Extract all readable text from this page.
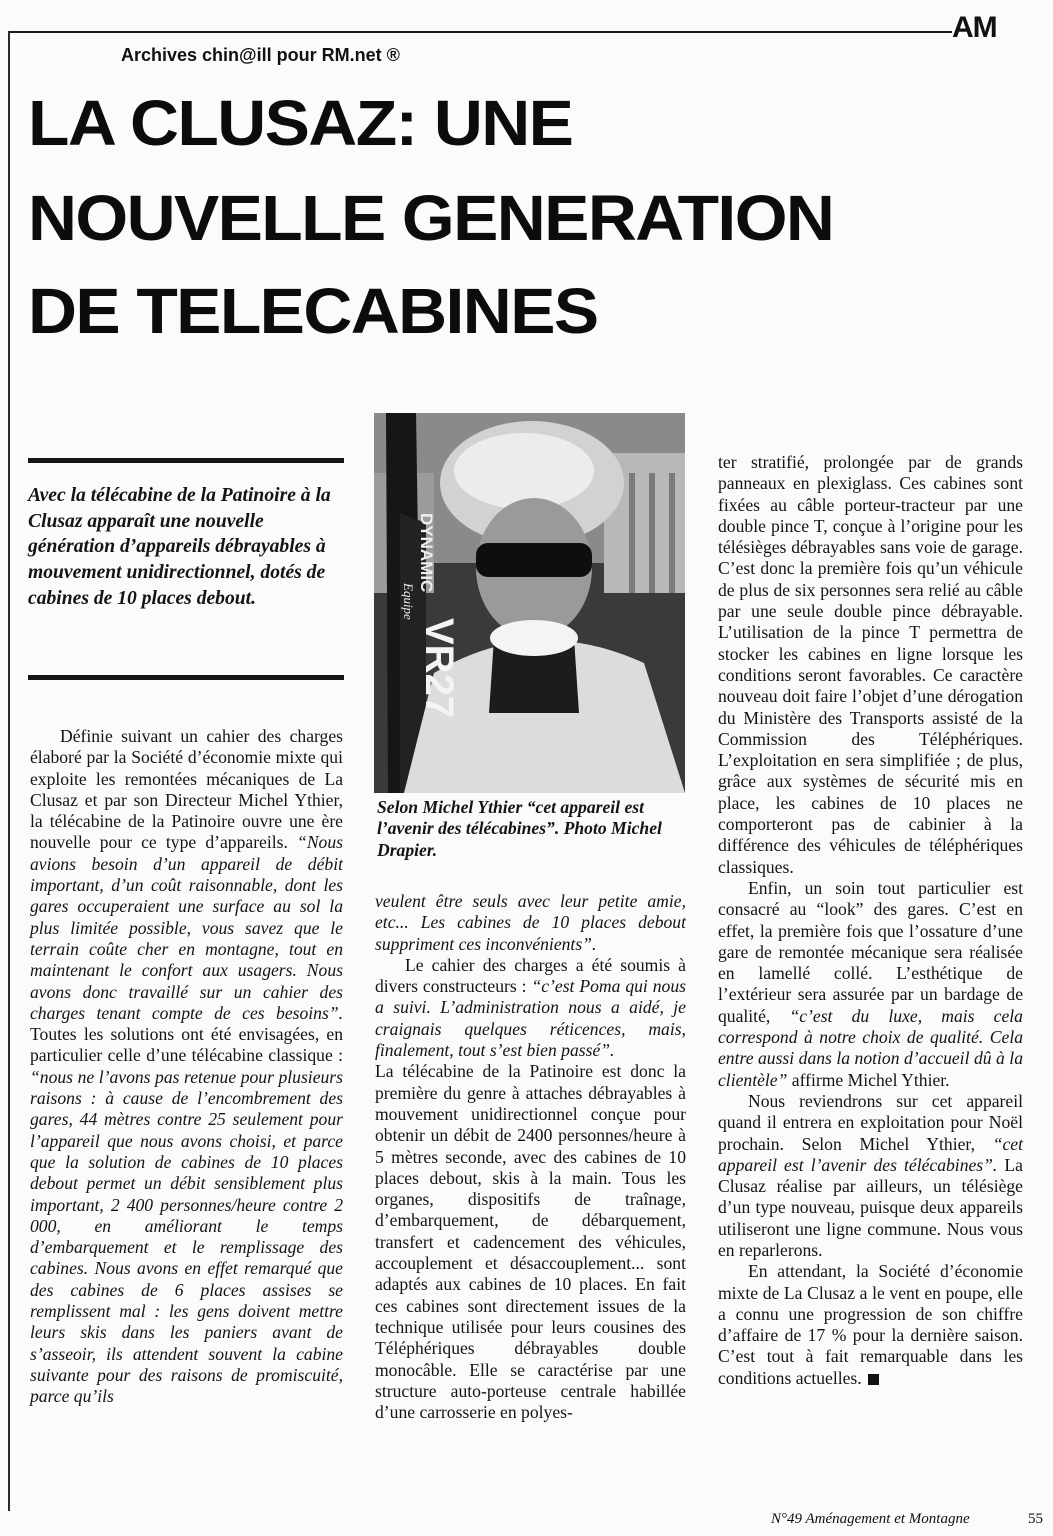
AM
Archives chin@ill pour RM.net ®
LA CLUSAZ: UNE
NOUVELLE GENERATION
DE TELECABINES

Avec la télécabine de la Patinoire à la Clusaz apparaît une nouvelle génération d’appareils débrayables à mouvement unidirectionnel, dotés de cabines de 10 places debout.

Définie suivant un cahier des charges élaboré par la Société d’économie mixte qui exploite les remontées mécaniques de La Clusaz et par son Directeur Michel Ythier, la télécabine de la Patinoire ouvre une ère nouvelle pour ce type d’appareils. “Nous avions besoin d’un appareil de débit important, d’un coût raisonnable, dont les gares occuperaient une surface au sol la plus limitée possible, vous savez que le terrain coûte cher en montagne, tout en maintenant le confort aux usagers. Nous avons donc travaillé sur un cahier des charges tenant compte de ces besoins”. Toutes les solutions ont été envisagées, en particulier celle d’une télécabine classique : “nous ne l’avons pas retenue pour plusieurs raisons : à cause de l’encombrement des gares, 44 mètres contre 25 seulement pour l’appareil que nous avons choisi, et parce que la solution de cabines de 10 places debout permet un débit sensiblement plus important, 2 400 personnes/heure contre 2 000, en améliorant le temps d’embarquement et le remplissage des cabines. Nous avons en effet remarqué que des cabines de 6 places assises se remplissent mal : les gens doivent mettre leurs skis dans les paniers avant de s’asseoir, ils attendent souvent la cabine suivante pour des raisons de promiscuité, parce qu’ils

DYNAMIC
Equipe
VR27

Selon Michel Ythier “cet appareil est l’avenir des télécabines”. Photo Michel Drapier.

veulent être seuls avec leur petite amie, etc... Les cabines de 10 places debout suppriment ces inconvénients”.

Le cahier des charges a été soumis à divers constructeurs : “c’est Poma qui nous a suivi. L’administration nous a aidé, je craignais quelques réticences, mais, finalement, tout s’est bien passé”.

La télécabine de la Patinoire est donc la première du genre à attaches débrayables à mouvement unidirectionnel conçue pour obtenir un débit de 2400 personnes/heure à 5 mètres seconde, avec des cabines de 10 places debout, skis à la main. Tous les organes, dispositifs de traînage, d’embarquement, de débarquement, transfert et cadencement des véhicules, accouplement et désaccouplement... sont adaptés aux cabines de 10 places. En fait ces cabines sont directement issues de la technique utilisée pour leurs cousines des Téléphériques débrayables double monocâble. Elle se caractérise par une structure auto-porteuse centrale habillée d’une carrosserie en polyes-

ter stratifié, prolongée par de grands panneaux en plexiglass. Ces cabines sont fixées au câble porteur-tracteur par une double pince T, conçue à l’origine pour les télésièges débrayables sans voie de garage. C’est donc la première fois qu’un véhicule de plus de six personnes sera relié au câble par une seule double pince débrayable. L’utilisation de la pince T permettra de stocker les cabines en ligne lorsque les conditions seront favorables. Ce caractère nouveau doit faire l’objet d’une dérogation du Ministère des Transports assisté de la Commission des Téléphériques. L’exploitation en sera simplifiée ; de plus, grâce aux systèmes de sécurité mis en place, les cabines de 10 places ne comporteront pas de cabinier à la différence des véhicules de téléphériques classiques.

Enfin, un soin tout particulier est consacré au “look” des gares. C’est en effet, la première fois que l’ossature d’une gare de remontée mécanique sera réalisée en lamellé collé. L’esthétique de l’extérieur sera assurée par un bardage de qualité, “c’est du luxe, mais cela correspond à notre choix de qualité. Cela entre aussi dans la notion d’accueil dû à la clientèle” affirme Michel Ythier.

Nous reviendrons sur cet appareil quand il entrera en exploitation pour Noël prochain. Selon Michel Ythier, “cet appareil est l’avenir des télécabines”. La Clusaz réalise par ailleurs, un télésiège d’un type nouveau, puisque deux appareils utiliseront une ligne commune. Nous vous en reparlerons.

En attendant, la Société d’économie mixte de La Clusaz a le vent en poupe, elle a connu une progression de son chiffre d’affaire de 17 % pour la dernière saison. C’est tout à fait remarquable dans les conditions actuelles.

N°49 Aménagement et Montagne	55
